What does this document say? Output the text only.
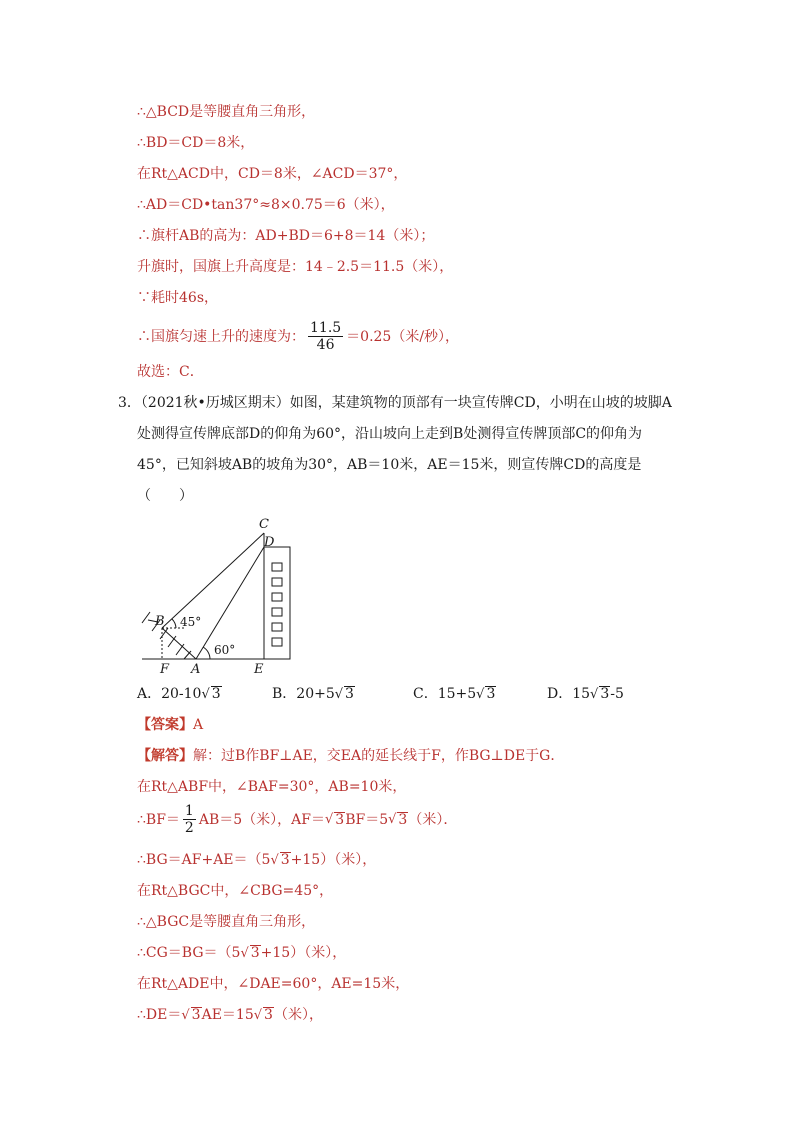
∴△BCD是等腰直角三角形，
∴BD＝CD＝8米，
在Rt△ACD中，CD＝8米，∠ACD＝37°，
∴AD＝CD•tan37°≈8×0.75＝6（米），
∴旗杆AB的高为：AD+BD＝6+8＝14（米）；
升旗时，国旗上升高度是：14﹣2.5＝11.5（米），
∵耗时46s，
∴国旗匀速上升的速度为： $\frac{11.5}{46} =0.25$（米/秒），
故选：C．
3．（2021秋•历城区期末）如图，某建筑物的顶部有一块宣传牌CD，小明在山坡的坡脚A
处测得宣传牌底部D的仰角为60°，沿山坡向上走到B处测得宣传牌顶部C的仰角为
45°，已知斜坡AB的坡角为30°，AB＝10米，AE＝15米，则宣传牌CD的高度是
（　　）
C
D
B
F A	E
45°
60°
A．20-10√ 3	B．20+5√ 3	C．15+5√ 3	D．15√ 3-5
【答案】A
【解答】解：过B作BF⊥AE，交EA的延长线于F，作BG⊥DE于G．
在Rt△ABF中，∠BAF=30°，AB=10米，
∴BF＝ $\frac{1}{2} AB=5$（米），AF＝ √ 3 BF＝5 √ 3 （米）．
∴BG＝AF+AE＝（5√ 3+15）（米），
在Rt△BGC中，∠CBG=45°，
∴△BGC是等腰直角三角形，
∴CG＝BG＝（5√ 3+15）（米），
在Rt△ADE中，∠DAE=60°，AE=15米，
∴DE＝√ 3AE＝15√ 3（米），
